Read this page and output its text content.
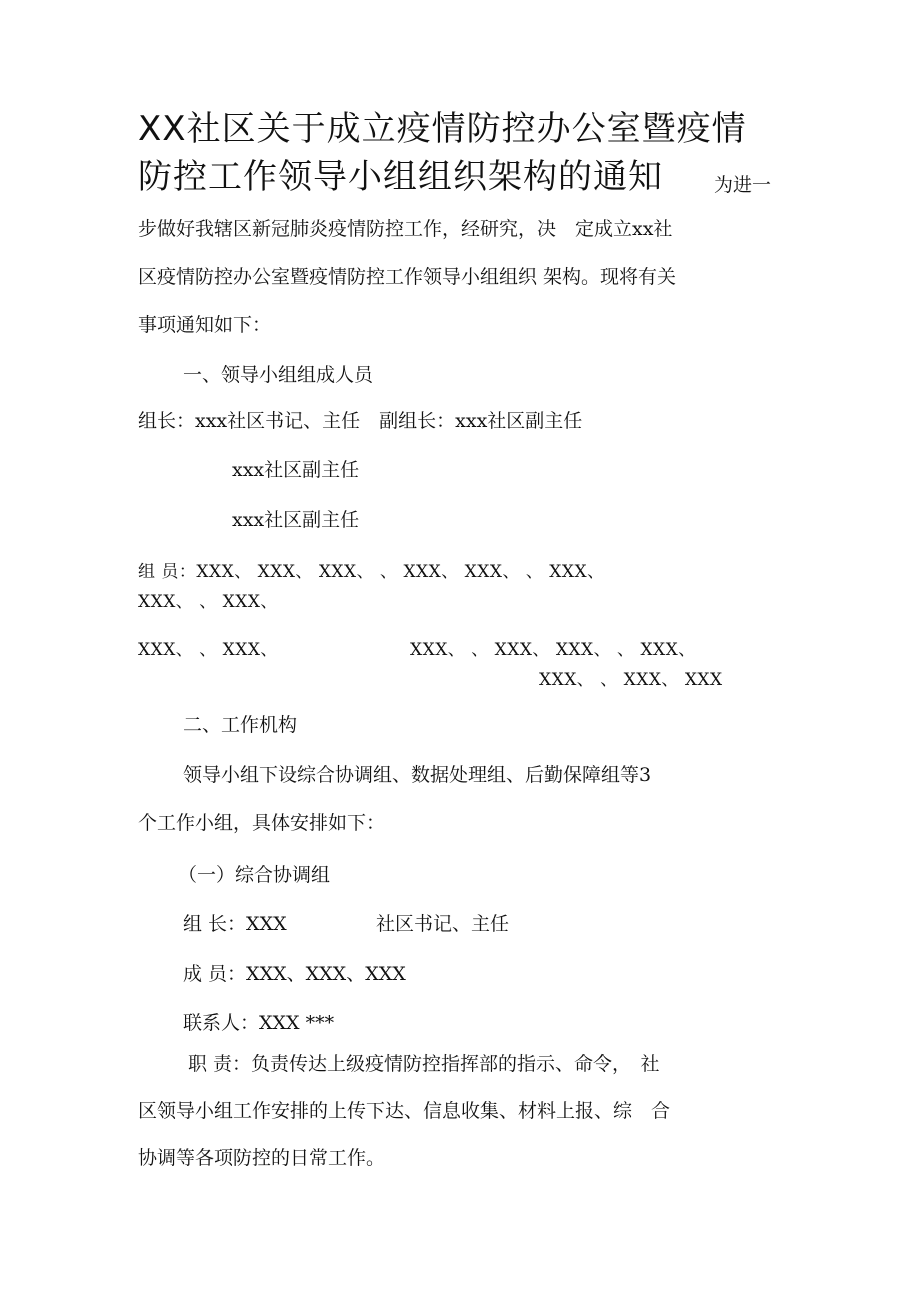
XX社区关于成立疫情防控办公室暨疫情
防控工作领导小组组织架构的通知	为进一
步做好我辖区新冠肺炎疫情防控工作，经研究，决　定成立xx社
区疫情防控办公室暨疫情防控工作领导小组组织 架构。现将有关
事项通知如下：
一、领导小组组成人员
组长：xxx社区书记、主任　副组长：xxx社区副主任
xxx社区副主任
xxx社区副主任
组 员：XXX、 XXX、 XXX、 、 XXX、 XXX、 、 XXX、
XXX、 、 XXX、
XXX、 、 XXX、	XXX、 、 XXX、 XXX、 、 XXX、
XXX、 、 XXX、 XXX
二、工作机构
领导小组下设综合协调组、数据处理组、后勤保障组等3
个工作小组，具体安排如下：
（一）综合协调组
组 长：XXX	社区书记、主任
成 员：XXX、XXX、XXX
联系人：XXX ***
职 责：负责传达上级疫情防控指挥部的指示、命令，　社
区领导小组工作安排的上传下达、信息收集、材料上报、综　合
协调等各项防控的日常工作。
